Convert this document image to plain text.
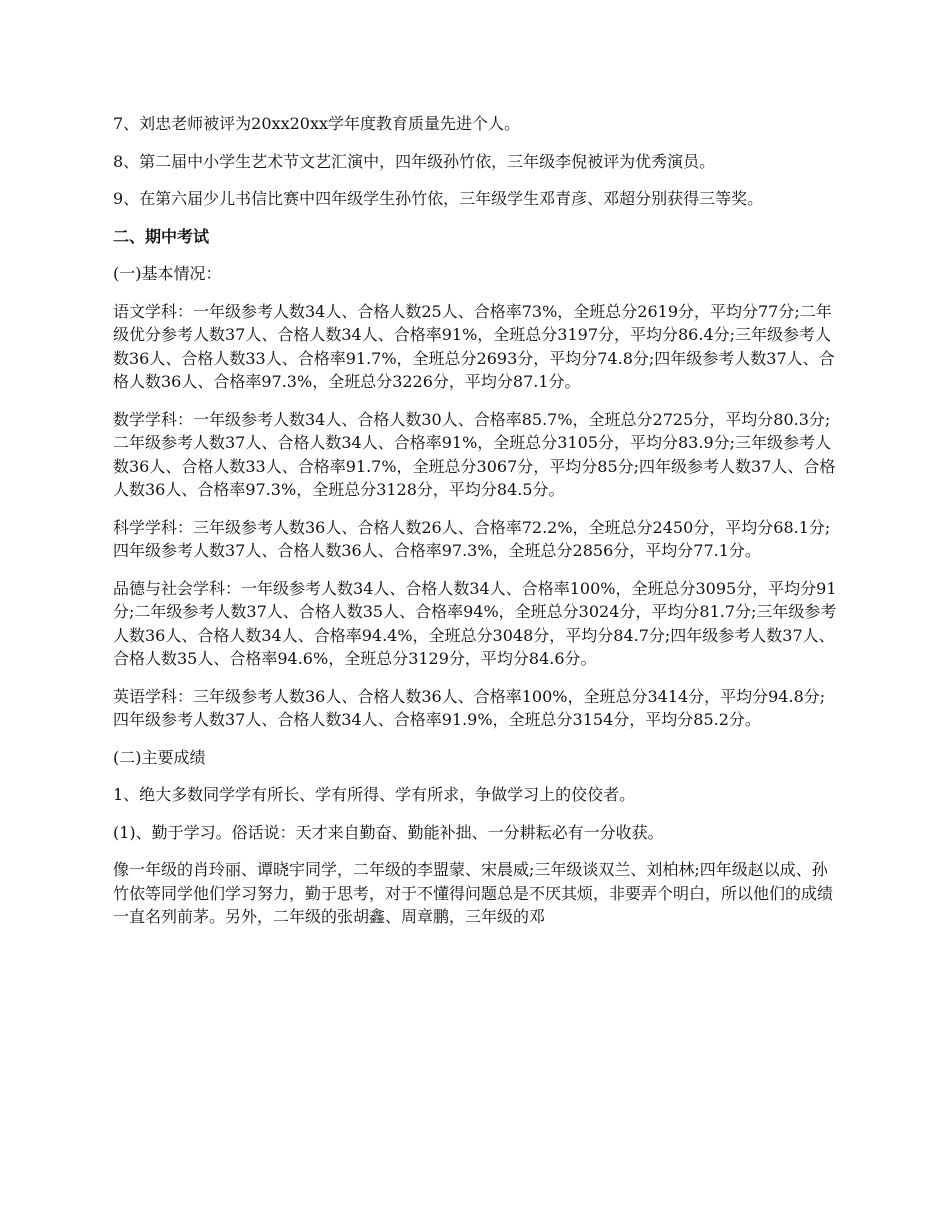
7、刘忠老师被评为20xx20xx学年度教育质量先进个人。

8、第二届中小学生艺术节文艺汇演中，四年级孙竹依，三年级李倪被评为优秀演员。

9、在第六届少儿书信比赛中四年级学生孙竹依，三年级学生邓青彦、邓超分别获得三等奖。

二、期中考试

(一)基本情况：

语文学科：一年级参考人数34人、合格人数25人、合格率73%，全班总分2619分，平均分77分;二年级优分参考人数37人、合格人数34人、合格率91%，全班总分3197分，平均分86.4分;三年级参考人数36人、合格人数33人、合格率91.7%，全班总分2693分，平均分74.8分;四年级参考人数37人、合格人数36人、合格率97.3%，全班总分3226分，平均分87.1分。

数学学科：一年级参考人数34人、合格人数30人、合格率85.7%，全班总分2725分，平均分80.3分;二年级参考人数37人、合格人数34人、合格率91%，全班总分3105分，平均分83.9分;三年级参考人数36人、合格人数33人、合格率91.7%，全班总分3067分，平均分85分;四年级参考人数37人、合格人数36人、合格率97.3%，全班总分3128分，平均分84.5分。

科学学科：三年级参考人数36人、合格人数26人、合格率72.2%，全班总分2450分，平均分68.1分;四年级参考人数37人、合格人数36人、合格率97.3%，全班总分2856分，平均分77.1分。

品德与社会学科：一年级参考人数34人、合格人数34人、合格率100%，全班总分3095分，平均分91分;二年级参考人数37人、合格人数35人、合格率94%，全班总分3024分，平均分81.7分;三年级参考人数36人、合格人数34人、合格率94.4%，全班总分3048分，平均分84.7分;四年级参考人数37人、合格人数35人、合格率94.6%，全班总分3129分，平均分84.6分。

英语学科：三年级参考人数36人、合格人数36人、合格率100%，全班总分3414分，平均分94.8分;四年级参考人数37人、合格人数34人、合格率91.9%，全班总分3154分，平均分85.2分。

(二)主要成绩

1、绝大多数同学学有所长、学有所得、学有所求，争做学习上的佼佼者。

(1)、勤于学习。俗话说：天才来自勤奋、勤能补拙、一分耕耘必有一分收获。

像一年级的肖玲丽、谭晓宇同学，二年级的李盟蒙、宋晨威;三年级谈双兰、刘柏林;四年级赵以成、孙竹依等同学他们学习努力，勤于思考，对于不懂得问题总是不厌其烦，非要弄个明白，所以他们的成绩一直名列前茅。另外，二年级的张胡鑫、周章鹏，三年级的邓
